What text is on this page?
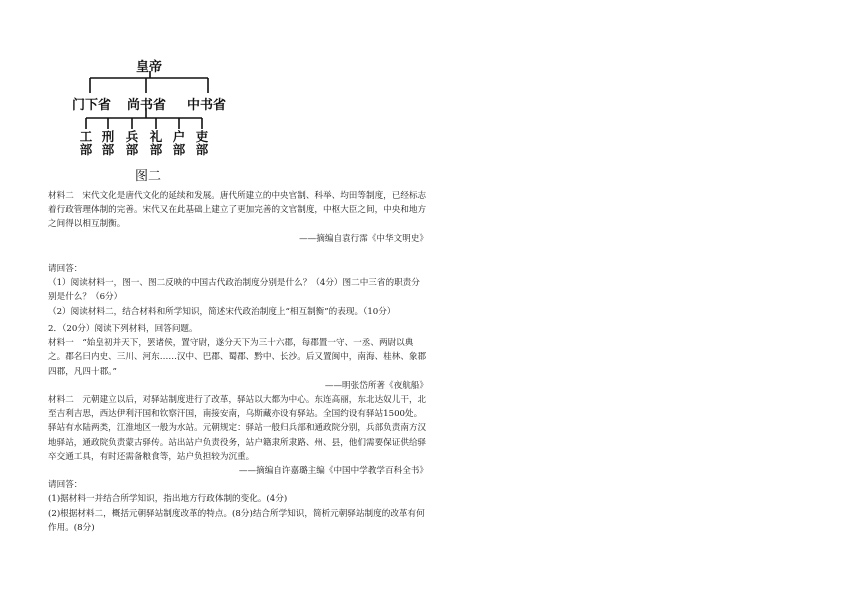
皇帝
门下省 尚书省 中书省
工部
刑部
兵部
礼部
户部
吏部
图二

材料二　宋代文化是唐代文化的延续和发展。唐代所建立的中央官制、科举、均田等制度，已经标志着行政管理体制的完善。宋代又在此基础上建立了更加完善的文官制度，中枢大臣之间，中央和地方之间得以相互制衡。

——摘编自袁行霈《中华文明史》

请回答：

（1）阅读材料一，图一、图二反映的中国古代政治制度分别是什么？（4分）图二中三省的职责分别是什么？（6分）

（2）阅读材料二，结合材料和所学知识，简述宋代政治制度上“相互制衡”的表现。（10分）

2．（20分）阅读下列材料，回答问题。

材料一　“始皇初并天下，罢诸侯，置守尉，遂分天下为三十六郡，每郡置一守、一丞、两尉以典之。郡名曰内史、三川、河东……汉中、巴郡、蜀郡、黔中、长沙。后又置闽中，南海、桂林、象郡四郡，凡四十郡。”

——明张岱所著《夜航船》

材料二　元朝建立以后，对驿站制度进行了改革，驿站以大都为中心。东连高丽，东北达奴儿干，北至吉利吉思，西达伊利汗国和钦察汗国，南接安南，乌斯藏亦设有驿站。全国约设有驿站1500处。驿站有水陆两类，江淮地区一般为水站。元朝规定：驿站一般归兵部和通政院分别，兵部负责南方汉地驿站，通政院负责蒙古驿传。站出站户负责役务，站户籍隶所隶路、州、县，他们需要保证供给驿卒交通工具，有时还需备粮食等，站户负担较为沉重。

——摘编自许嘉璐主编《中国中学教学百科全书》

请回答：

(1)据材料一并结合所学知识，指出地方行政体制的变化。(4分)

(2)根据材料二，概括元朝驿站制度改革的特点。(8分)结合所学知识，简析元朝驿站制度的改革有何作用。(8分)
